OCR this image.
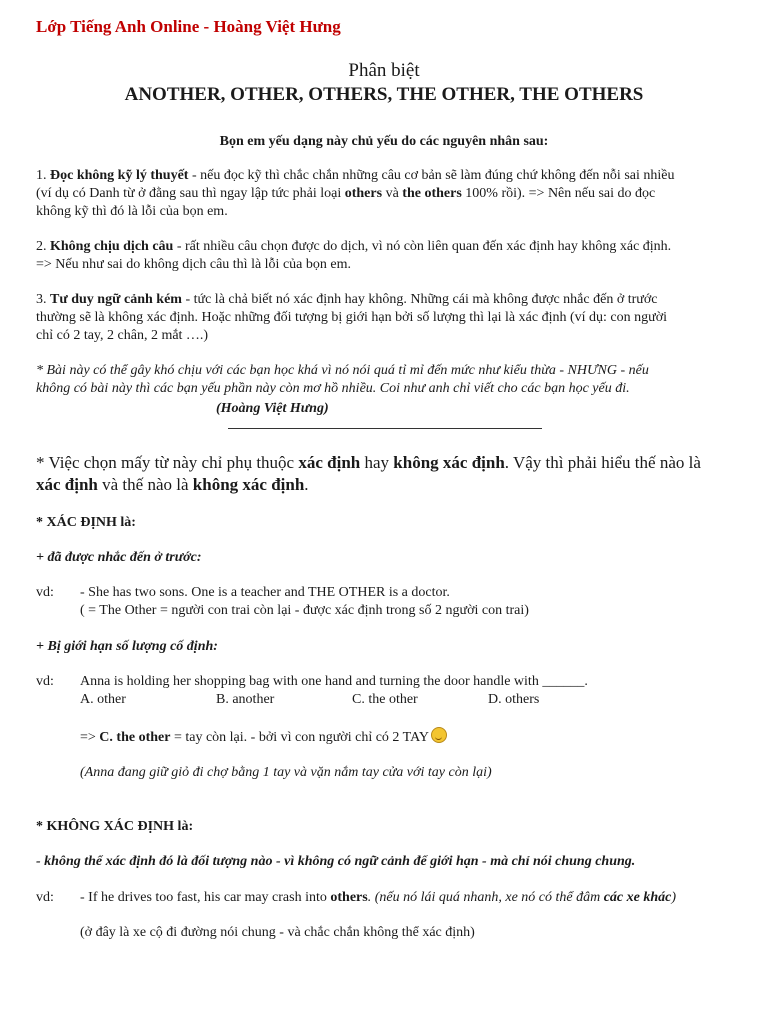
Lớp Tiếng Anh Online - Hoàng Việt Hưng
Phân biệt
ANOTHER, OTHER, OTHERS, THE OTHER, THE OTHERS
Bọn em yếu dạng này chủ yếu do các nguyên nhân sau:
1. Đọc không kỹ lý thuyết - nếu đọc kỹ thì chắc chắn những câu cơ bản sẽ làm đúng chứ không đến nỗi sai nhiều
(ví dụ có Danh từ ở đằng sau thì ngay lập tức phải loại others và the others 100% rồi). => Nên nếu sai do đọc
không kỹ thì đó là lỗi của bọn em.
2. Không chịu dịch câu - rất nhiều câu chọn được do dịch, vì nó còn liên quan đến xác định hay không xác định.
=> Nếu như sai do không dịch câu thì là lỗi của bọn em.
3. Tư duy ngữ cảnh kém - tức là chả biết nó xác định hay không. Những cái mà không được nhắc đến ở trước
thường sẽ là không xác định. Hoặc những đối tượng bị giới hạn bởi số lượng thì lại là xác định (ví dụ: con người
chỉ có 2 tay, 2 chân, 2 mắt ….)
* Bài này có thể gây khó chịu với các bạn học khá vì nó nói quá tỉ mỉ đến mức như kiểu thừa - NHƯNG - nếu
không có bài này thì các bạn yếu phần này còn mơ hồ nhiều. Coi như anh chỉ viết cho các bạn học yếu đi.
(Hoàng Việt Hưng)
* Việc chọn mấy từ này chỉ phụ thuộc xác định hay không xác định. Vậy thì phải hiểu thế nào là
xác định và thế nào là không xác định.
* XÁC ĐỊNH là:
+ đã được nhắc đến ở trước:
vd: - She has two sons. One is a teacher and THE OTHER is a doctor.
( = The Other = người con trai còn lại - được xác định trong số 2 người con trai)
+ Bị giới hạn số lượng cố định:
vd: Anna is holding her shopping bag with one hand and turning the door handle with ______.
A. other	B. another	C. the other	D. others
=> C. the other = tay còn lại. - bởi vì con người chỉ có 2 TAY
(Anna đang giữ giỏ đi chợ bằng 1 tay và vặn nắm tay cửa với tay còn lại)
* KHÔNG XÁC ĐỊNH là:
- không thể xác định đó là đối tượng nào - vì không có ngữ cảnh để giới hạn - mà chỉ nói chung chung.
vd: - If he drives too fast, his car may crash into others. (nếu nó lái quá nhanh, xe nó có thể đâm các xe khác)
(ở đây là xe cộ đi đường nói chung - và chắc chắn không thể xác định)
